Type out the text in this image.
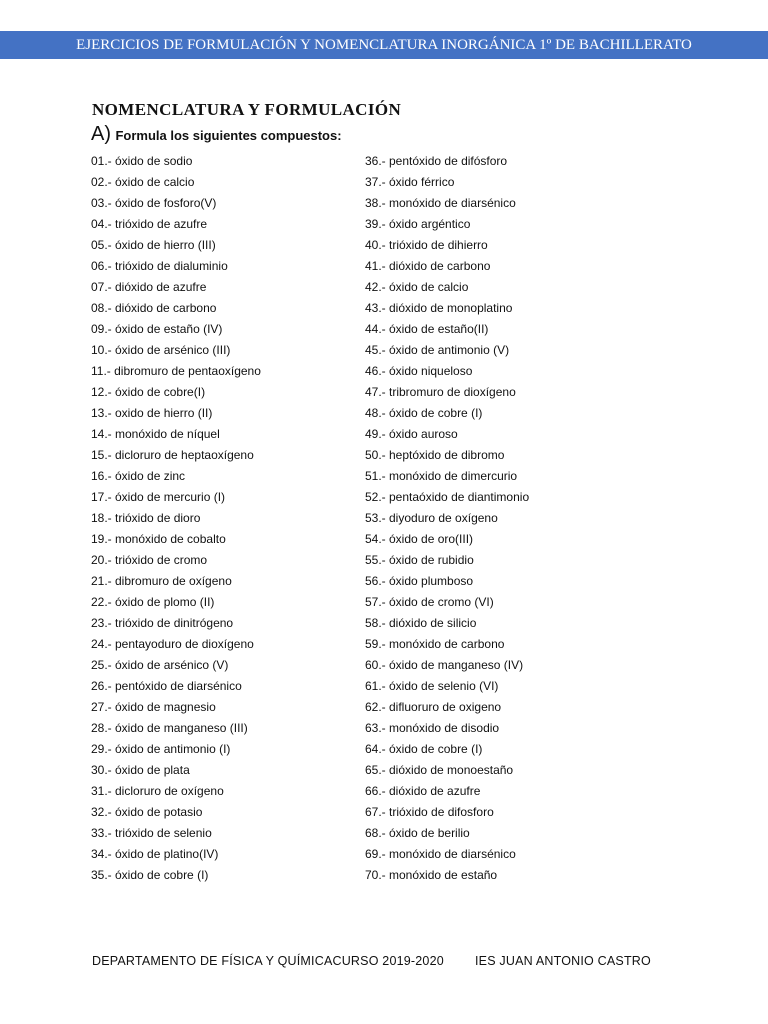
EJERCICIOS DE FORMULACIÓN Y NOMENCLATURA INORGÁNICA 1º DE BACHILLERATO
NOMENCLATURA Y FORMULACIÓN
A) Formula los siguientes compuestos:
01.- óxido de sodio
02.- óxido de calcio
03.- óxido de fosforo(V)
04.- trióxido de azufre
05.- óxido de hierro (III)
06.- trióxido de dialuminio
07.- dióxido de azufre
08.- dióxido de carbono
09.- óxido de estaño (IV)
10.- óxido de arsénico (III)
11.- dibromuro de pentaoxígeno
12.- óxido de cobre(I)
13.- oxido de hierro (II)
14.- monóxido de níquel
15.- dicloruro de heptaoxígeno
16.- óxido de zinc
17.- óxido de mercurio (I)
18.- trióxido de dioro
19.- monóxido de cobalto
20.- trióxido de cromo
21.- dibromuro de oxígeno
22.- óxido de plomo (II)
23.- trióxido de dinitrógeno
24.- pentayoduro de dioxígeno
25.- óxido de arsénico (V)
26.- pentóxido de diarsénico
27.- óxido de magnesio
28.- óxido de manganeso (III)
29.- óxido de antimonio (I)
30.- óxido de plata
31.- dicloruro de oxígeno
32.- óxido de potasio
33.- trióxido de selenio
34.- óxido de platino(IV)
35.- óxido de cobre (I)
36.- pentóxido de difósforo
37.- óxido férrico
38.- monóxido de diarsénico
39.- óxido argéntico
40.- trióxido de dihierro
41.- dióxido de carbono
42.- óxido de calcio
43.- dióxido de monoplatino
44.- óxido de estaño(II)
45.- óxido de antimonio (V)
46.- óxido niqueloso
47.- tribromuro de dioxígeno
48.- óxido de cobre (I)
49.- óxido auroso
50.- heptóxido de dibromo
51.- monóxido de dimercurio
52.- pentaóxido de diantimonio
53.- diyoduro de oxígeno
54.- óxido de oro(III)
55.- óxido de rubidio
56.- óxido plumboso
57.- óxido de cromo (VI)
58.- dióxido de silicio
59.- monóxido de carbono
60.- óxido de manganeso (IV)
61.- óxido de selenio (VI)
62.- difluoruro de oxigeno
63.- monóxido de disodio
64.- óxido de cobre (I)
65.- dióxido de monoestaño
66.- dióxido de azufre
67.- trióxido de difosforo
68.- óxido de berilio
69.- monóxido de diarsénico
70.- monóxido de estaño
DEPARTAMENTO DE FÍSICA Y QUÍMICACURSO 2019-2020 IES JUAN ANTONIO CASTRO
